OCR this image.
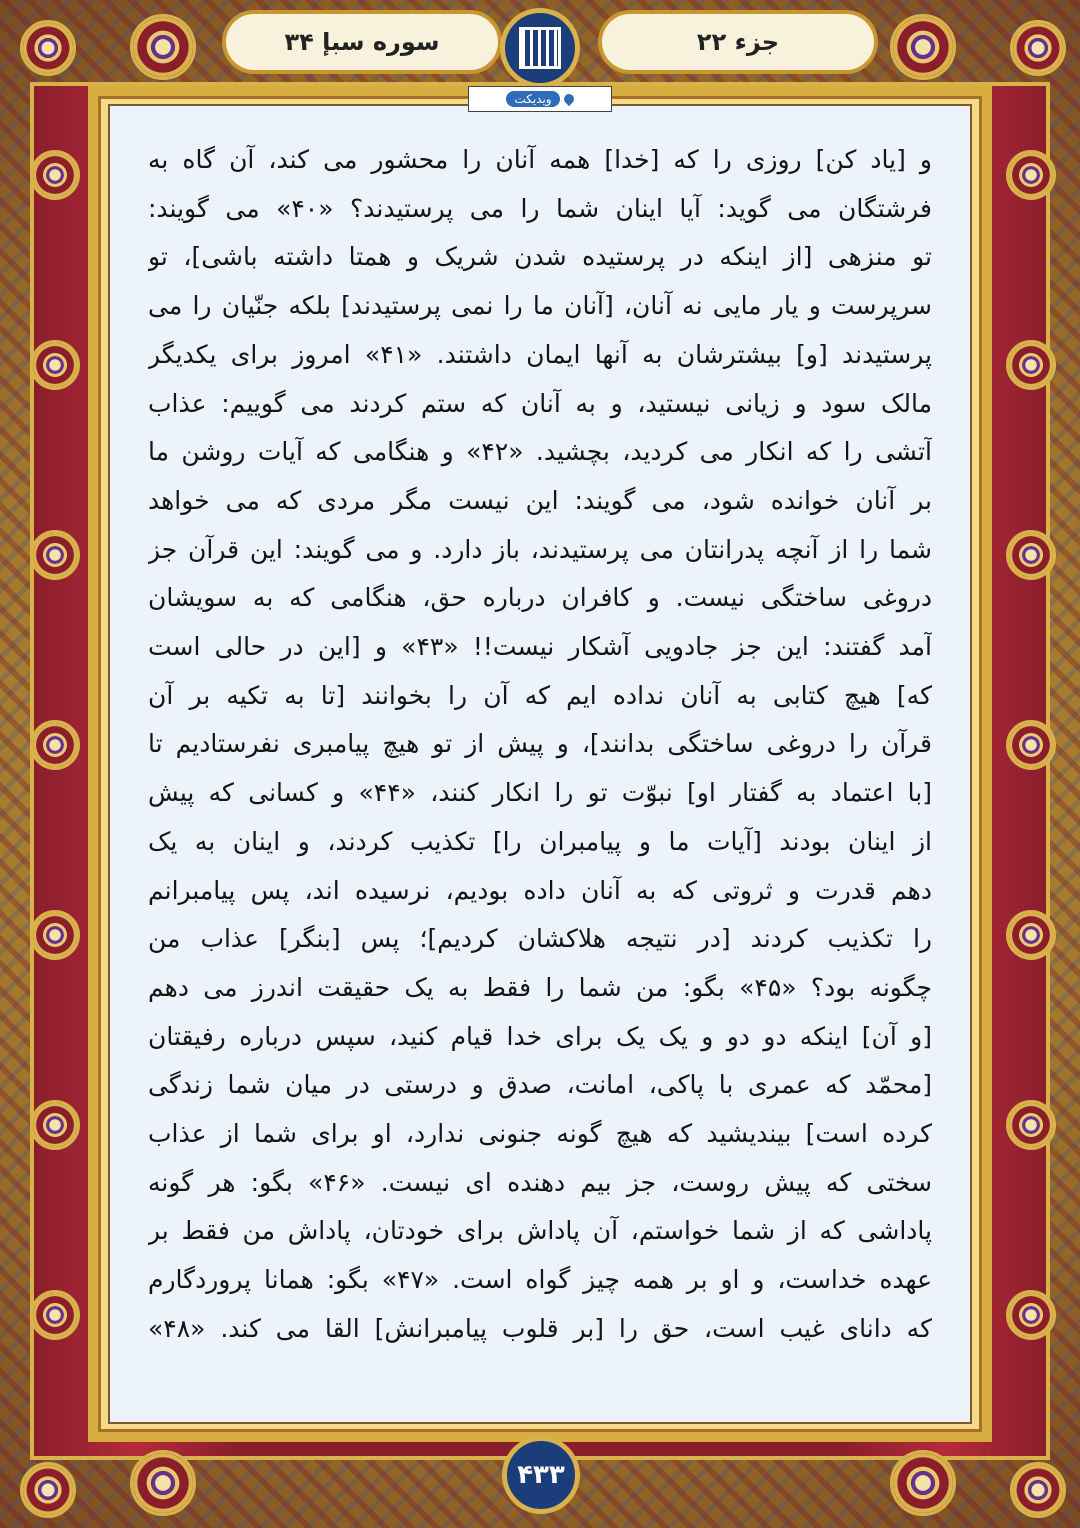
سوره سبإ ۳۴	جزء ۲۲
ویدیکت
و [یاد کن] روزی را که [خدا] همه آنان را محشور می کند، آن گاه به
فرشتگان می گوید: آیا اینان شما را می پرستیدند؟ «۴۰» می گویند:
تو منزهی [از اینکه در پرستیده شدن شریک و همتا داشته باشی]، تو
سرپرست و یار مایی نه آنان، [آنان ما را نمی پرستیدند] بلکه جنّیان را می
پرستیدند [و] بیشترشان به آنها ایمان داشتند. «۴۱» امروز برای یکدیگر
مالک سود و زیانی نیستید، و به آنان که ستم کردند می گوییم: عذاب
آتشی را که انکار می کردید، بچشید. «۴۲» و هنگامی که آیات روشن ما
بر آنان خوانده شود، می گویند: این نیست مگر مردی که می خواهد
شما را از آنچه پدرانتان می پرستیدند، باز دارد. و می گویند: این قرآن جز
دروغی ساختگی نیست. و کافران درباره حق، هنگامی که به سویشان
آمد گفتند: این جز جادویی آشکار نیست!! «۴۳» و [این در حالی است
که] هیچ کتابی به آنان نداده ایم که آن را بخوانند [تا به تکیه بر آن
قرآن را دروغی ساختگی بدانند]، و پیش از تو هیچ پیامبری نفرستادیم تا
[با اعتماد به گفتار او] نبوّت تو را انکار کنند، «۴۴» و کسانی که پیش
از اینان بودند [آیات ما و پیامبران را] تکذیب کردند، و اینان به یک
دهم قدرت و ثروتی که به آنان داده بودیم، نرسیده اند، پس پیامبرانم
را تکذیب کردند [در نتیجه هلاکشان کردیم]؛ پس [بنگر] عذاب من
چگونه بود؟ «۴۵» بگو: من شما را فقط به یک حقیقت اندرز می دهم
[و آن] اینکه دو دو و یک یک برای خدا قیام کنید، سپس درباره رفیقتان
[محمّد که عمری با پاکی، امانت، صدق و درستی در میان شما زندگی
کرده است] بیندیشید که هیچ گونه جنونی ندارد، او برای شما از عذاب
سختی که پیش روست، جز بیم دهنده ای نیست. «۴۶» بگو: هر گونه
پاداشی که از شما خواستم، آن پاداش برای خودتان، پاداش من فقط بر
عهده خداست، و او بر همه چیز گواه است. «۴۷» بگو: همانا پروردگارم
که دانای غیب است، حق را [بر قلوب پیامبرانش] القا می کند. «۴۸»
۴۳۳
